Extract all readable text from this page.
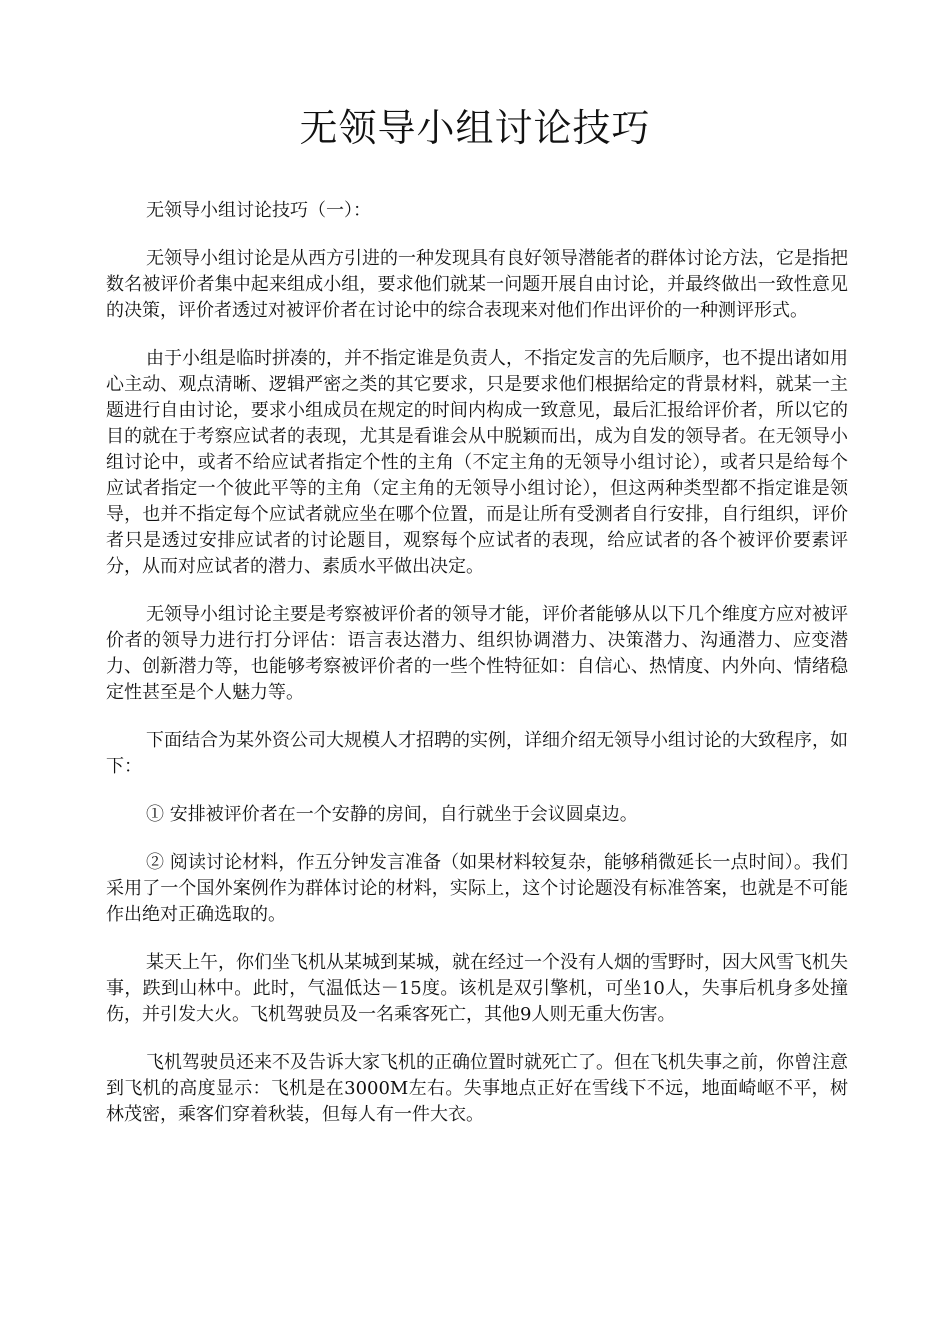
无领导小组讨论技巧

无领导小组讨论技巧（一）：

无领导小组讨论是从西方引进的一种发现具有良好领导潜能者的群体讨论方法，它是指把数名被评价者集中起来组成小组，要求他们就某一问题开展自由讨论，并最终做出一致性意见的决策，评价者透过对被评价者在讨论中的综合表现来对他们作出评价的一种测评形式。

由于小组是临时拼凑的，并不指定谁是负责人，不指定发言的先后顺序，也不提出诸如用心主动、观点清晰、逻辑严密之类的其它要求，只是要求他们根据给定的背景材料，就某一主题进行自由讨论，要求小组成员在规定的时间内构成一致意见，最后汇报给评价者，所以它的目的就在于考察应试者的表现，尤其是看谁会从中脱颖而出，成为自发的领导者。在无领导小组讨论中，或者不给应试者指定个性的主角（不定主角的无领导小组讨论），或者只是给每个应试者指定一个彼此平等的主角（定主角的无领导小组讨论），但这两种类型都不指定谁是领导，也并不指定每个应试者就应坐在哪个位置，而是让所有受测者自行安排，自行组织，评价者只是透过安排应试者的讨论题目，观察每个应试者的表现，给应试者的各个被评价要素评分，从而对应试者的潜力、素质水平做出决定。

无领导小组讨论主要是考察被评价者的领导才能，评价者能够从以下几个维度方应对被评价者的领导力进行打分评估：语言表达潜力、组织协调潜力、决策潜力、沟通潜力、应变潜力、创新潜力等，也能够考察被评价者的一些个性特征如：自信心、热情度、内外向、情绪稳定性甚至是个人魅力等。

下面结合为某外资公司大规模人才招聘的实例，详细介绍无领导小组讨论的大致程序，如下：

① 安排被评价者在一个安静的房间，自行就坐于会议圆桌边。

② 阅读讨论材料，作五分钟发言准备（如果材料较复杂，能够稍微延长一点时间）。我们采用了一个国外案例作为群体讨论的材料，实际上，这个讨论题没有标准答案，也就是不可能作出绝对正确选取的。

某天上午，你们坐飞机从某城到某城，就在经过一个没有人烟的雪野时，因大风雪飞机失事，跌到山林中。此时，气温低达－15度。该机是双引擎机，可坐10人，失事后机身多处撞伤，并引发大火。飞机驾驶员及一名乘客死亡，其他9人则无重大伤害。

飞机驾驶员还来不及告诉大家飞机的正确位置时就死亡了。但在飞机失事之前，你曾注意到飞机的高度显示：飞机是在3000M左右。失事地点正好在雪线下不远，地面崎岖不平，树林茂密，乘客们穿着秋装，但每人有一件大衣。
